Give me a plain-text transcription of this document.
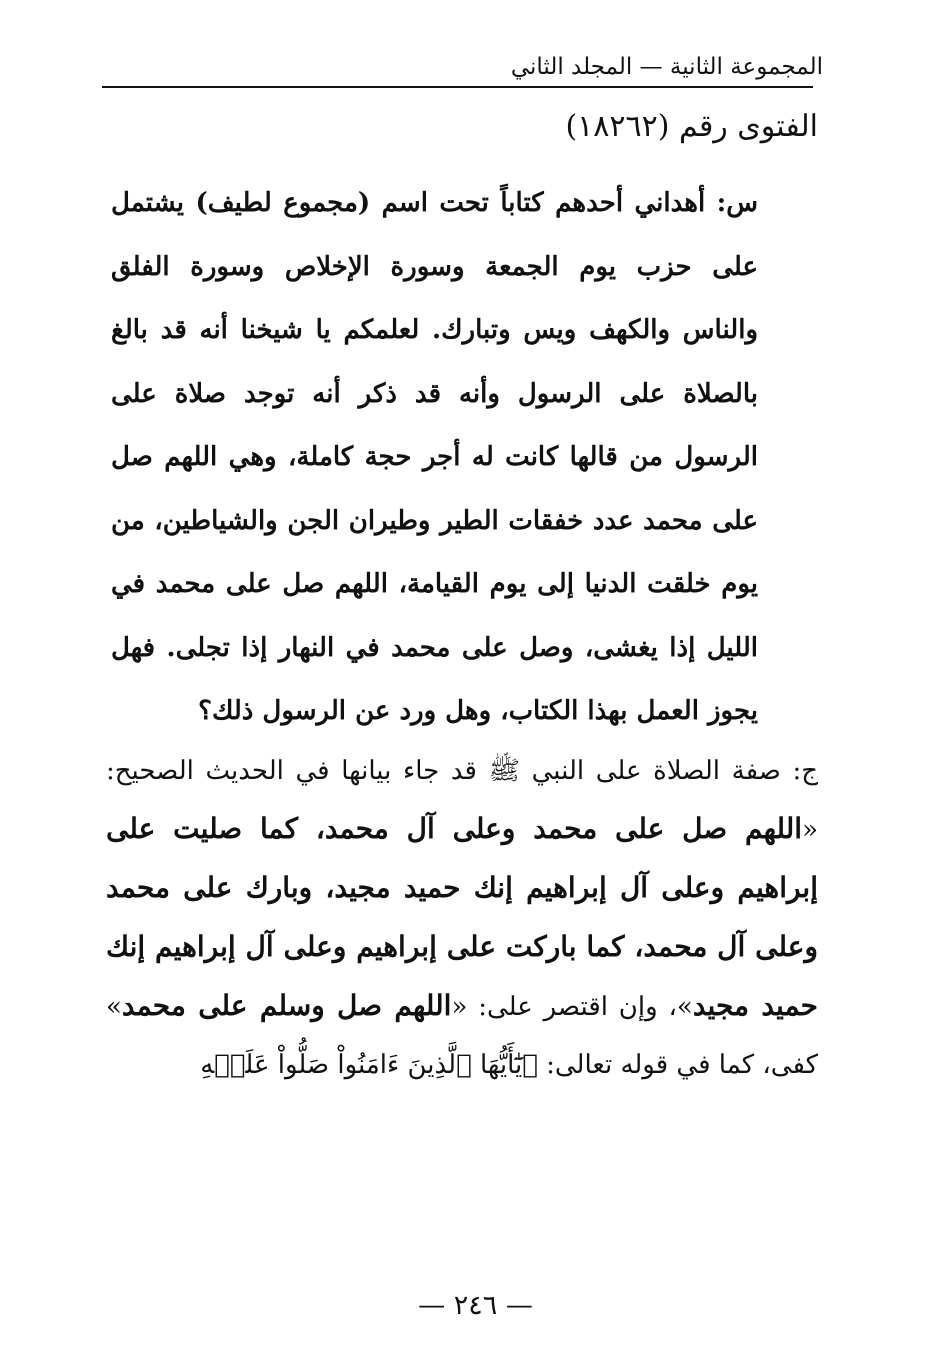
المجموعة الثانية — المجلد الثاني
الفتوى رقم (١٨٢٦٢)
س: أهداني أحدهم كتاباً تحت اسم (مجموع لطيف) يشتمل على حزب يوم الجمعة وسورة الإخلاص وسورة الفلق والناس والكهف ويس وتبارك. لعلمكم يا شيخنا أنه قد بالغ بالصلاة على الرسول وأنه قد ذكر أنه توجد صلاة على الرسول من قالها كانت له أجر حجة كاملة، وهي اللهم صل على محمد عدد خفقات الطير وطيران الجن والشياطين، من يوم خلقت الدنيا إلى يوم القيامة، اللهم صل على محمد في الليل إذا يغشى، وصل على محمد في النهار إذا تجلى. فهل يجوز العمل بهذا الكتاب، وهل ورد عن الرسول ذلك؟
ج: صفة الصلاة على النبي ﷺ قد جاء بيانها في الحديث الصحيح: «اللهم صل على محمد وعلى آل محمد، كما صليت على إبراهيم وعلى آل إبراهيم إنك حميد مجيد، وبارك على محمد وعلى آل محمد، كما باركت على إبراهيم وعلى آل إبراهيم إنك حميد مجيد»، وإن اقتصر على: «اللهم صل وسلم على محمد» كفى، كما في قوله تعالى: ﴿يَٰٓأَيُّهَا ٱلَّذِينَ ءَامَنُواْ صَلُّواْ عَلَيۡهِ
— ٢٤٦ —
